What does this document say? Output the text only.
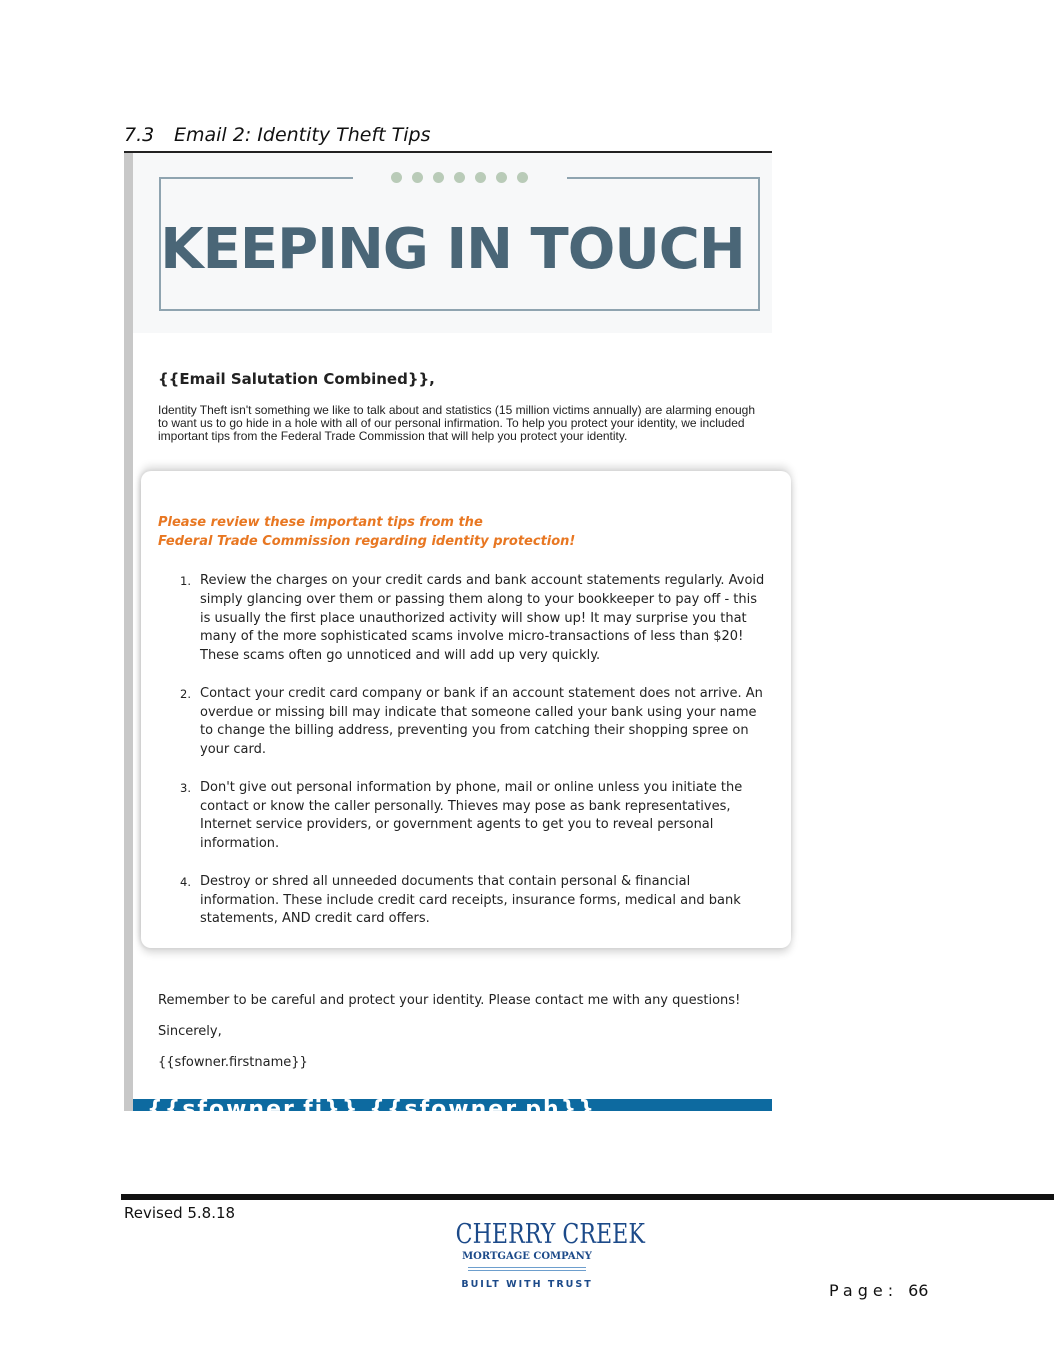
7.3 Email 2: Identity Theft Tips
KEEPING IN TOUCH
{{Email Salutation Combined}},
Identity Theft isn't something we like to talk about and statistics (15 million victims annually) are alarming enough to want us to go hide in a hole with all of our personal infirmation. To help you protect your identity, we included important tips from the Federal Trade Commission that will help you protect your identity.
Please review these important tips from the
Federal Trade Commission regarding identity protection!
1. Review the charges on your credit cards and bank account statements regularly. Avoid simply glancing over them or passing them along to your bookkeeper to pay off - this is usually the first place unauthorized activity will show up! It may surprise you that many of the more sophisticated scams involve micro-transactions of less than $20! These scams often go unnoticed and will add up very quickly.
2. Contact your credit card company or bank if an account statement does not arrive. An overdue or missing bill may indicate that someone called your bank using your name to change the billing address, preventing you from catching their shopping spree on your card.
3. Don't give out personal information by phone, mail or online unless you initiate the contact or know the caller personally. Thieves may pose as bank representatives, Internet service providers, or government agents to get you to reveal personal information.
4. Destroy or shred all unneeded documents that contain personal & financial information. These include credit card receipts, insurance forms, medical and bank statements, AND credit card offers.

Remember to be careful and protect your identity. Please contact me with any questions!

Sincerely,

{{sfowner.firstname}}

{{sfowner.fi}} {{sfowner.ph}}
Revised 5.8.18
CHERRY CREEK
MORTGAGE COMPANY
BUILT WITH TRUST	Page: 66
